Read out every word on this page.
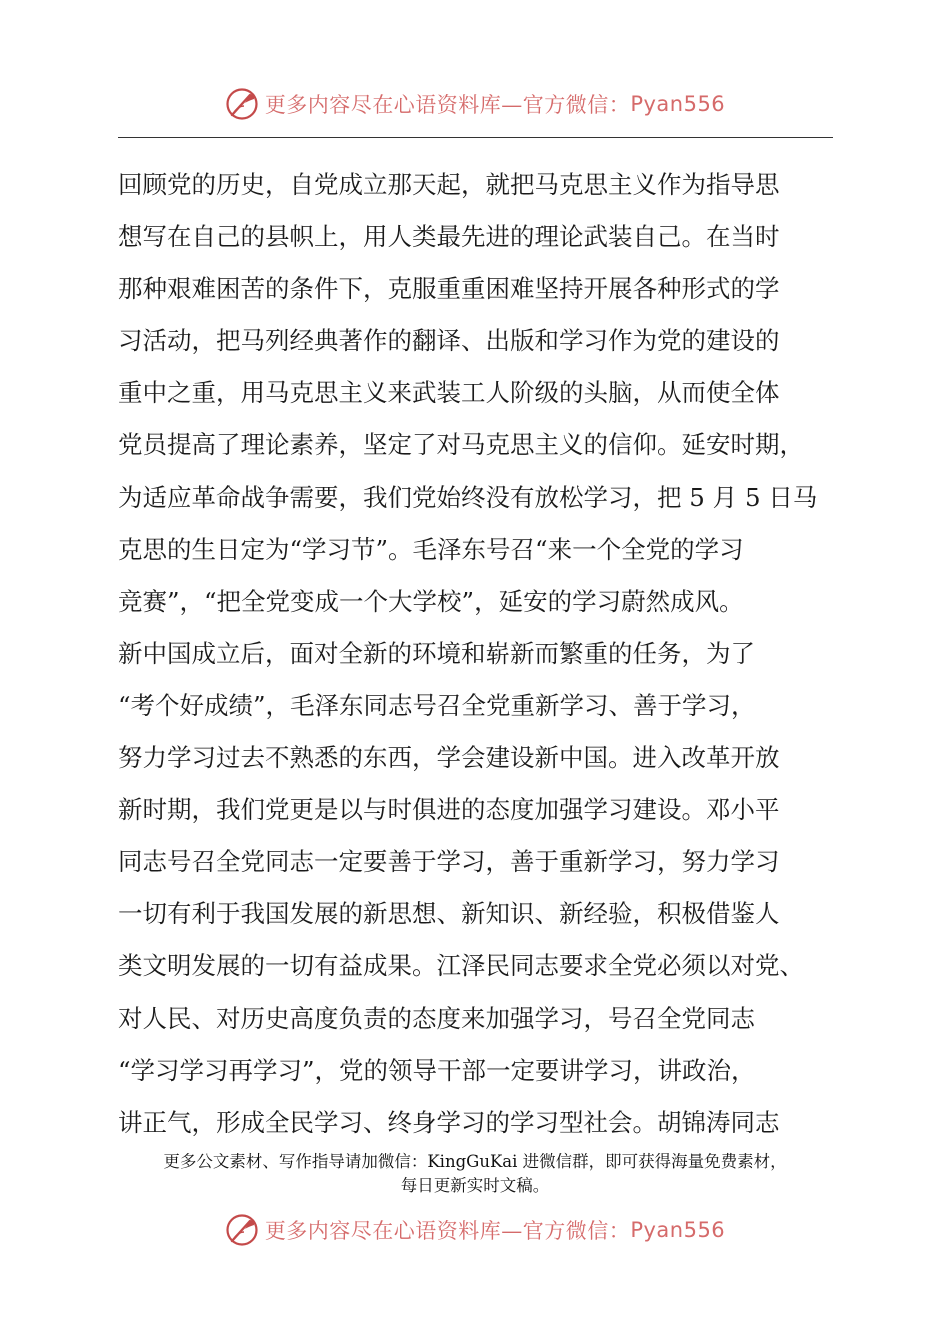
更多内容尽在心语资料库—官方微信： Pyan556
回顾党的历史，自党成立那天起，就把马克思主义作为指导思
想写在自己的县帜上，用人类最先进的理论武装自己。在当时
那种艰难困苦的条件下，克服重重困难坚持开展各种形式的学
习活动，把马列经典著作的翻译、出版和学习作为党的建设的
重中之重，用马克思主义来武装工人阶级的头脑，从而使全体
党员提高了理论素养，坚定了对马克思主义的信仰。延安时期，
为适应革命战争需要，我们党始终没有放松学习，把 5 月 5 日马
克思的生日定为“学习节”。毛泽东号召“来一个全党的学习
竞赛”，“把全党变成一个大学校”，延安的学习蔚然成风。
新中国成立后，面对全新的环境和崭新而繁重的任务，为了
“考个好成绩”，毛泽东同志号召全党重新学习、善于学习，
努力学习过去不熟悉的东西，学会建设新中国。进入改革开放
新时期，我们党更是以与时俱进的态度加强学习建设。邓小平
同志号召全党同志一定要善于学习，善于重新学习，努力学习
一切有利于我国发展的新思想、新知识、新经验，积极借鉴人
类文明发展的一切有益成果。江泽民同志要求全党必须以对党、
对人民、对历史高度负责的态度来加强学习，号召全党同志
“学习学习再学习”，党的领导干部一定要讲学习，讲政治，
讲正气，形成全民学习、终身学习的学习型社会。胡锦涛同志
更多公文素材、写作指导请加微信：KingGuKai 进微信群，即可获得海量免费素材，
每日更新实时文稿。
更多内容尽在心语资料库—官方微信： Pyan556
